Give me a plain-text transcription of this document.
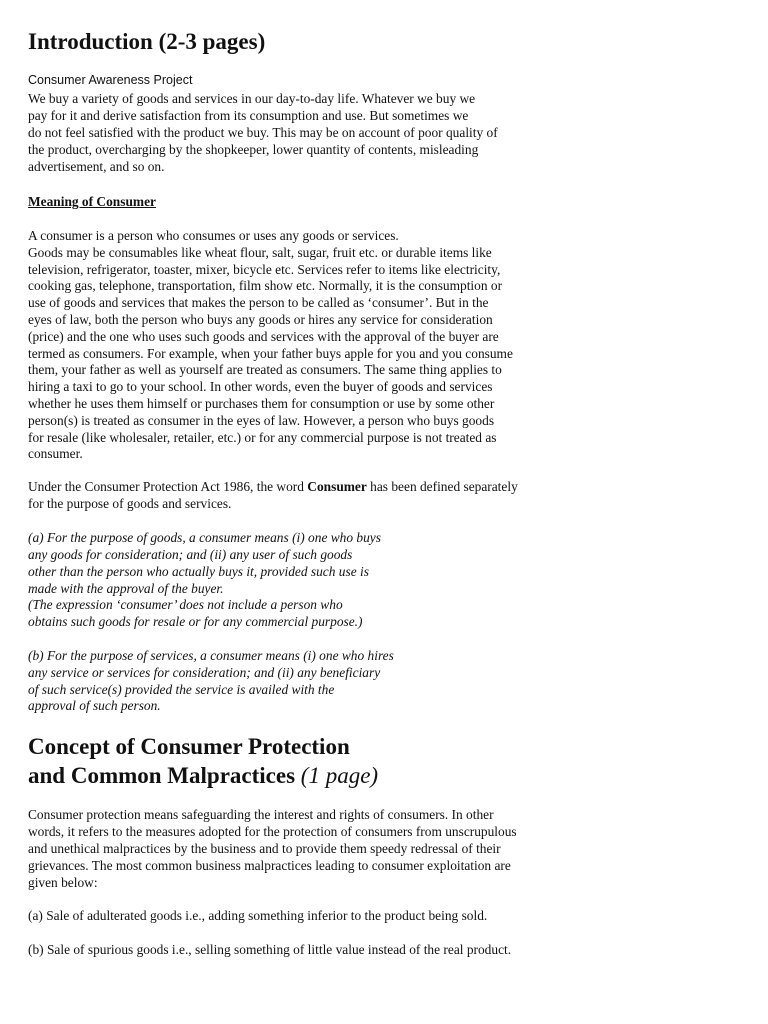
Introduction (2-3 pages)
Consumer Awareness Project
We buy a variety of goods and services in our day-to-day life. Whatever we buy we
pay for it and derive satisfaction from its consumption and use. But sometimes we
do not feel satisfied with the product we buy. This may be on account of poor quality of
the product, overcharging by the shopkeeper, lower quantity of contents, misleading
advertisement, and so on.
Meaning of Consumer
A consumer is a person who consumes or uses any goods or services.
Goods may be consumables like wheat flour, salt, sugar, fruit etc. or durable items like
television, refrigerator, toaster, mixer, bicycle etc. Services refer to items like electricity,
cooking gas, telephone, transportation, film show etc. Normally, it is the consumption or
use of goods and services that makes the person to be called as ‘consumer’. But in the
eyes of law, both the person who buys any goods or hires any service for consideration
(price) and the one who uses such goods and services with the approval of the buyer are
termed as consumers. For example, when your father buys apple for you and you consume
them, your father as well as yourself are treated as consumers. The same thing applies to
hiring a taxi to go to your school. In other words, even the buyer of goods and services
whether he uses them himself or purchases them for consumption or use by some other
person(s) is treated as consumer in the eyes of law. However, a person who buys goods
for resale (like wholesaler, retailer, etc.) or for any commercial purpose is not treated as
consumer.
Under the Consumer Protection Act 1986, the word Consumer has been defined separately
for the purpose of goods and services.
(a) For the purpose of goods, a consumer means (i) one who buys
any goods for consideration; and (ii) any user of such goods
other than the person who actually buys it, provided such use is
made with the approval of the buyer.
(The expression ‘consumer’ does not include a person who
obtains such goods for resale or for any commercial purpose.)
(b) For the purpose of services, a consumer means (i) one who hires
any service or services for consideration; and (ii) any beneficiary
of such service(s) provided the service is availed with the
approval of such person.
Concept of Consumer Protection
and Common Malpractices (1 page)
Consumer protection means safeguarding the interest and rights of consumers. In other
words, it refers to the measures adopted for the protection of consumers from unscrupulous
and unethical malpractices by the business and to provide them speedy redressal of their
grievances. The most common business malpractices leading to consumer exploitation are
given below:
(a) Sale of adulterated goods i.e., adding something inferior to the product being sold.
(b) Sale of spurious goods i.e., selling something of little value instead of the real product.
